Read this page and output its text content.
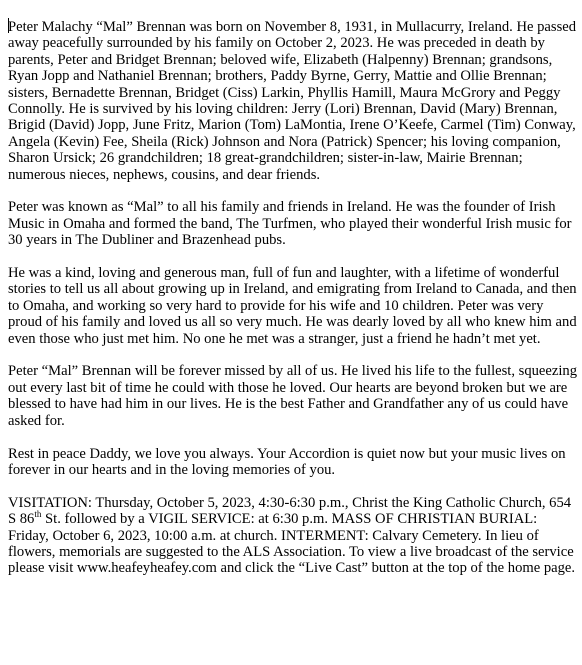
Peter Malachy “Mal” Brennan was born on November 8, 1931, in Mullacurry, Ireland. He passed away peacefully surrounded by his family on October 2, 2023. He was preceded in death by parents, Peter and Bridget Brennan; beloved wife, Elizabeth (Halpenny) Brennan; grandsons, Ryan Jopp and Nathaniel Brennan; brothers, Paddy Byrne, Gerry, Mattie and Ollie Brennan; sisters, Bernadette Brennan, Bridget (Ciss) Larkin, Phyllis Hamill, Maura McGrory and Peggy Connolly. He is survived by his loving children: Jerry (Lori) Brennan, David (Mary) Brennan, Brigid (David) Jopp, June Fritz, Marion (Tom) LaMontia, Irene O’Keefe, Carmel (Tim) Conway, Angela (Kevin) Fee, Sheila (Rick) Johnson and Nora (Patrick) Spencer; his loving companion, Sharon Ursick; 26 grandchildren; 18 great-grandchildren; sister-in-law, Mairie Brennan; numerous nieces, nephews, cousins, and dear friends.

Peter was known as “Mal” to all his family and friends in Ireland. He was the founder of Irish Music in Omaha and formed the band, The Turfmen, who played their wonderful Irish music for 30 years in The Dubliner and Brazenhead pubs.

He was a kind, loving and generous man, full of fun and laughter, with a lifetime of wonderful stories to tell us all about growing up in Ireland, and emigrating from Ireland to Canada, and then to Omaha, and working so very hard to provide for his wife and 10 children. Peter was very proud of his family and loved us all so very much. He was dearly loved by all who knew him and even those who just met him. No one he met was a stranger, just a friend he hadn’t met yet.

Peter “Mal” Brennan will be forever missed by all of us. He lived his life to the fullest, squeezing out every last bit of time he could with those he loved. Our hearts are beyond broken but we are blessed to have had him in our lives. He is the best Father and Grandfather any of us could have asked for.

Rest in peace Daddy, we love you always. Your Accordion is quiet now but your music lives on forever in our hearts and in the loving memories of you.

VISITATION: Thursday, October 5, 2023, 4:30-6:30 p.m., Christ the King Catholic Church, 654 S 86th St. followed by a VIGIL SERVICE: at 6:30 p.m. MASS OF CHRISTIAN BURIAL: Friday, October 6, 2023, 10:00 a.m. at church. INTERMENT: Calvary Cemetery. In lieu of flowers, memorials are suggested to the ALS Association. To view a live broadcast of the service please visit www.heafeyheafey.com and click the “Live Cast” button at the top of the home page.
